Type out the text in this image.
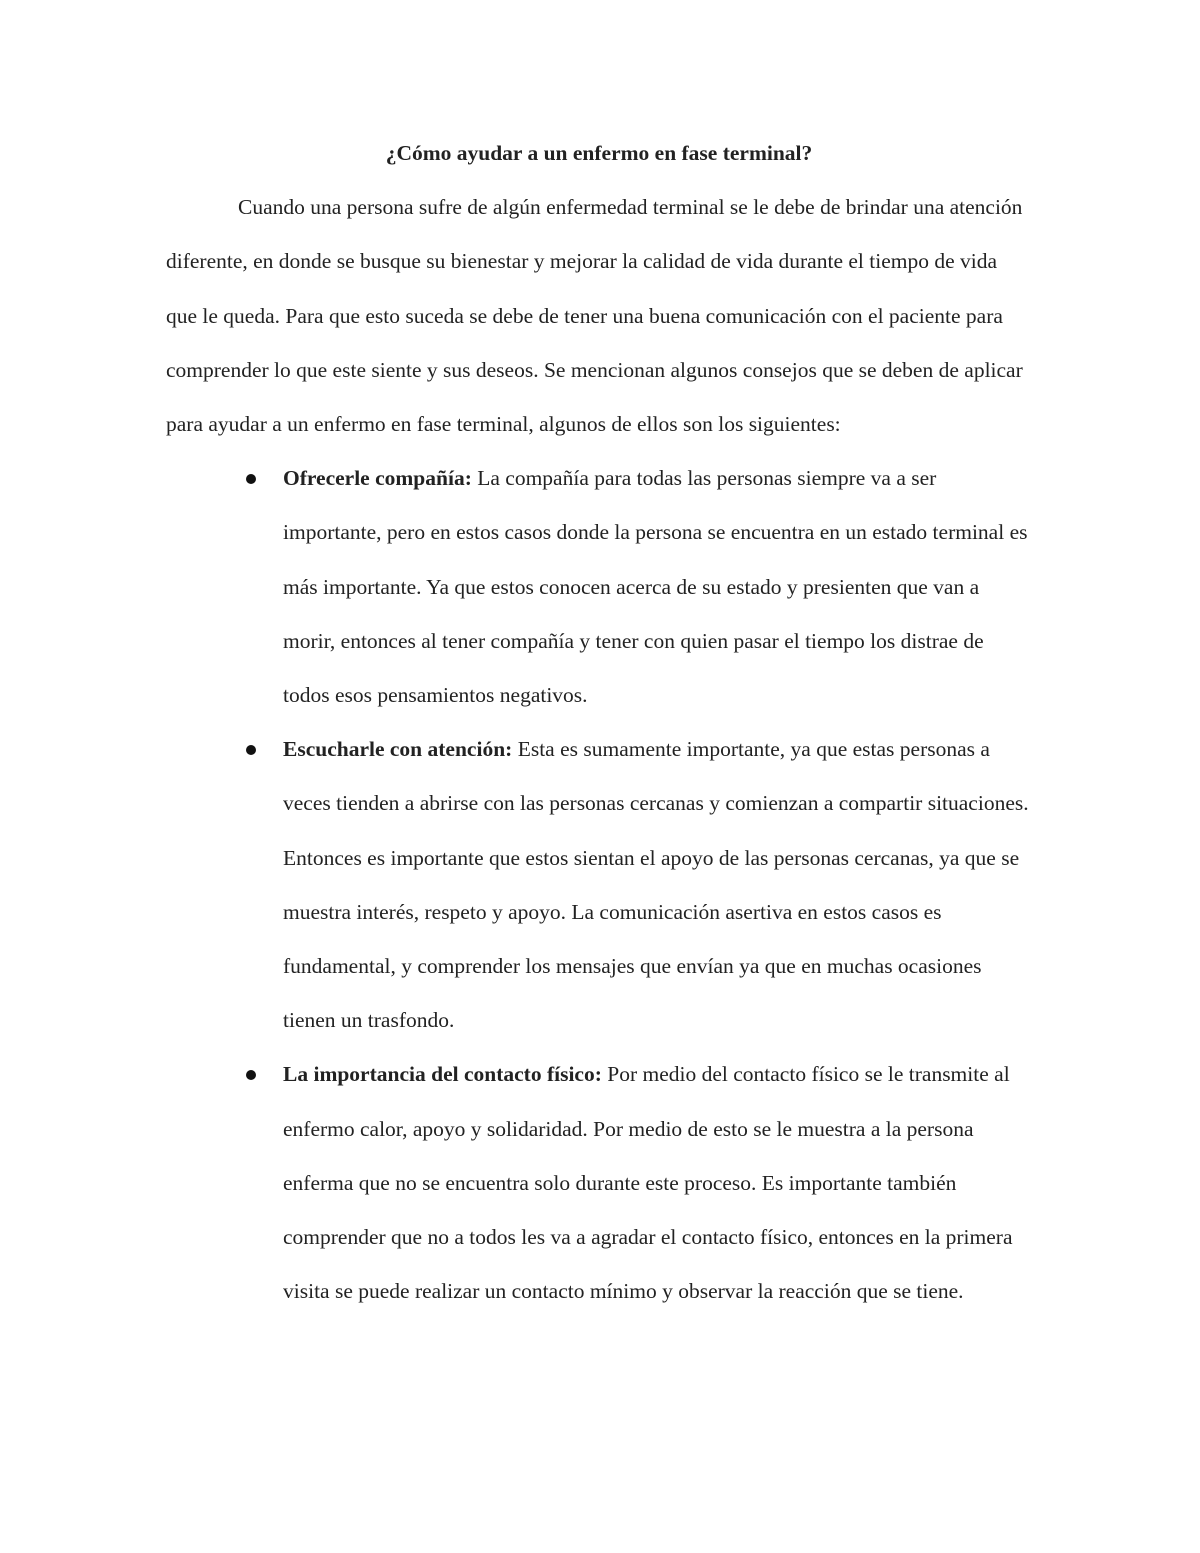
¿Cómo ayudar a un enfermo en fase terminal?

Cuando una persona sufre de algún enfermedad terminal se le debe de brindar una atención diferente, en donde se busque su bienestar y mejorar la calidad de vida durante el tiempo de vida que le queda. Para que esto suceda se debe de tener una buena comunicación con el paciente para comprender lo que este siente y sus deseos. Se mencionan algunos consejos que se deben de aplicar para ayudar a un enfermo en fase terminal, algunos de ellos son los siguientes:

Ofrecerle compañía: La compañía para todas las personas siempre va a ser importante, pero en estos casos donde la persona se encuentra en un estado terminal es más importante. Ya que estos conocen acerca de su estado y presienten que van a morir, entonces al tener compañía y tener con quien pasar el tiempo los distrae de todos esos pensamientos negativos.
Escucharle con atención: Esta es sumamente importante, ya que estas personas a veces tienden a abrirse con las personas cercanas y comienzan a compartir situaciones. Entonces es importante que estos sientan el apoyo de las personas cercanas, ya que se muestra interés, respeto y apoyo. La comunicación asertiva en estos casos es fundamental, y comprender los mensajes que envían ya que en muchas ocasiones tienen un trasfondo.
La importancia del contacto físico: Por medio del contacto físico se le transmite al enfermo calor, apoyo y solidaridad. Por medio de esto se le muestra a la persona enferma que no se encuentra solo durante este proceso. Es importante también comprender que no a todos les va a agradar el contacto físico, entonces en la primera visita se puede realizar un contacto mínimo y observar la reacción que se tiene.
